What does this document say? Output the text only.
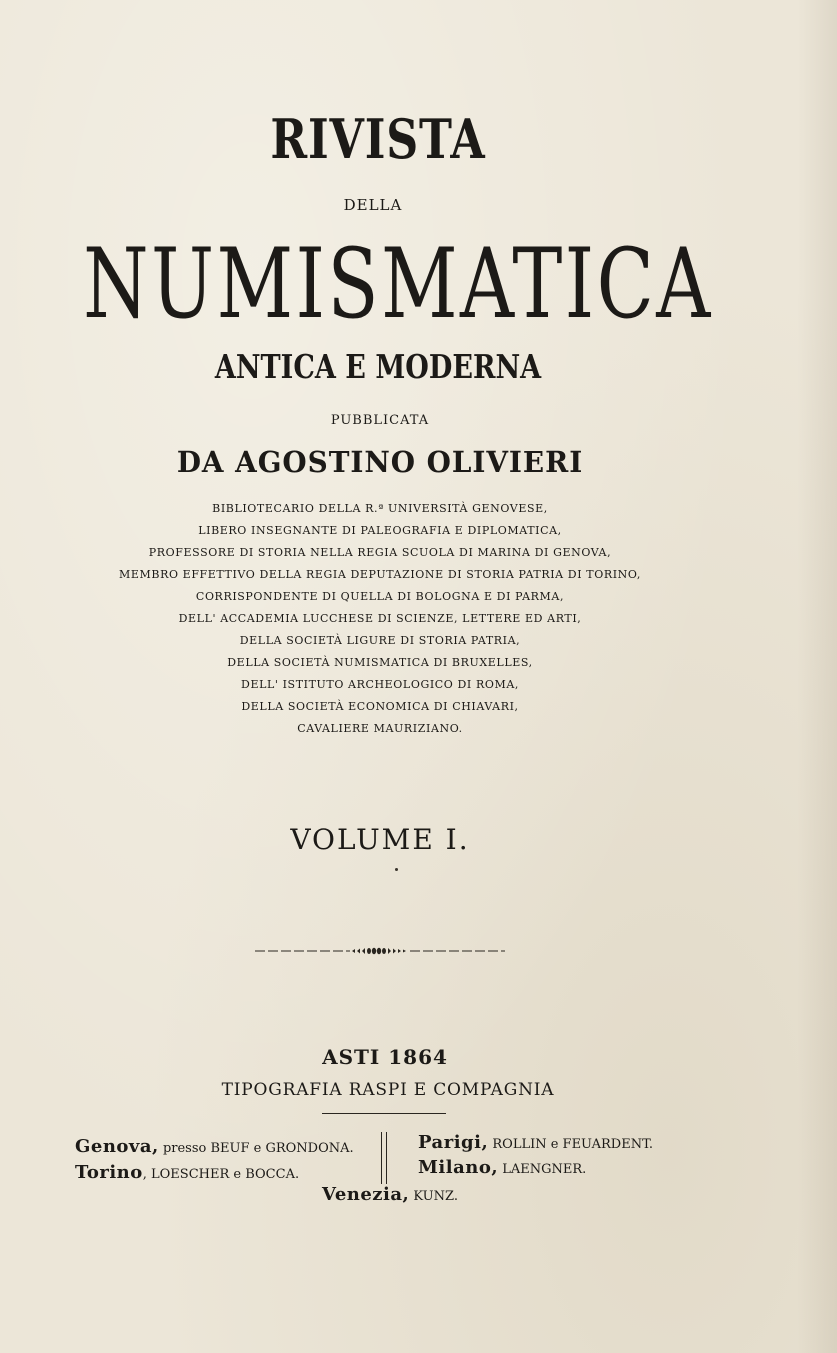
RIVISTA
DELLA
NUMISMATICA
ANTICA E MODERNA
PUBBLICATA
DA AGOSTINO OLIVIERI
BIBLIOTECARIO DELLA R.ª UNIVERSITÀ GENOVESE,
LIBERO INSEGNANTE DI PALEOGRAFIA E DIPLOMATICA,
PROFESSORE DI STORIA NELLA REGIA SCUOLA DI MARINA DI GENOVA,
MEMBRO EFFETTIVO DELLA REGIA DEPUTAZIONE DI STORIA PATRIA DI TORINO,
CORRISPONDENTE DI QUELLA DI BOLOGNA E DI PARMA,
DELL' ACCADEMIA LUCCHESE DI SCIENZE, LETTERE ED ARTI,
DELLA SOCIETÀ LIGURE DI STORIA PATRIA,
DELLA SOCIETÀ NUMISMATICA DI BRUXELLES,
DELL' ISTITUTO ARCHEOLOGICO DI ROMA,
DELLA SOCIETÀ ECONOMICA DI CHIAVARI,
CAVALIERE MAURIZIANO.
VOLUME I.
ASTI 1864
TIPOGRAFIA RASPI E COMPAGNIA
Genova, presso BEUF e GRONDONA.
Torino, LOESCHER e BOCCA.
Parigi, ROLLIN e FEUARDENT.
Milano, LAENGNER.
Venezia, KUNZ.
